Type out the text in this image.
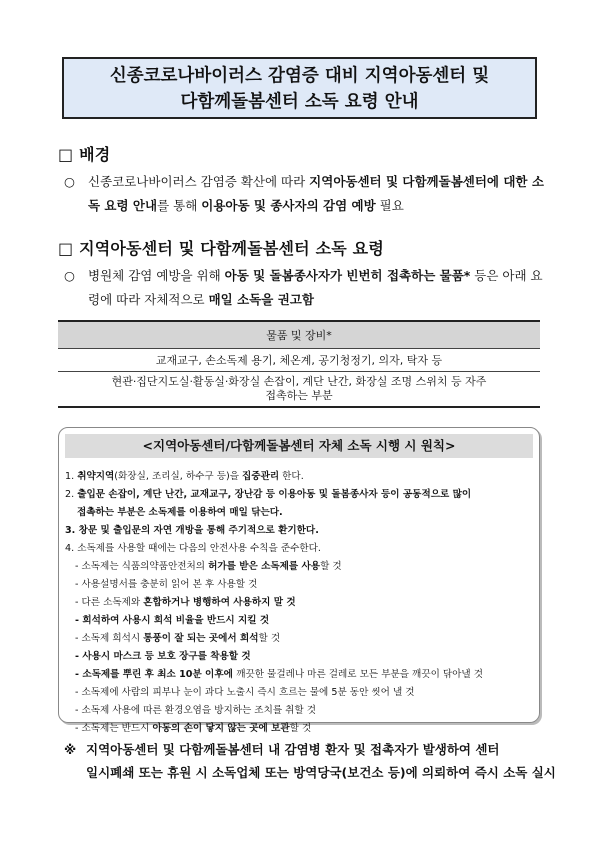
신종코로나바이러스 감염증 대비 지역아동센터 및
다함께돌봄센터 소독 요령 안내
□ 배경
○ 신종코로나바이러스 감염증 확산에 따라 지역아동센터 및 다함께돌봄센터에 대한 소독 요령 안내를 통해 이용아동 및 종사자의 감염 예방 필요
□ 지역아동센터 및 다함께돌봄센터 소독 요령
○ 병원체 감염 예방을 위해 아동 및 돌봄종사자가 빈번히 접촉하는 물품* 등은 아래 요령에 따라 자체적으로 매일 소독을 권고함
물품 및 장비*
교재교구, 손소독제 용기, 체온계, 공기청정기, 의자, 탁자 등

현관·집단지도실·활동실·화장실 손잡이, 계단 난간, 화장실 조명 스위치 등 자주
접촉하는 부분
<지역아동센터/다함께돌봄센터 자체 소독 시행 시 원칙>
1. 취약지역(화장실, 조리실, 하수구 등)을 집중관리 한다.
2. 출입문 손잡이, 계단 난간, 교재교구, 장난감 등 이용아동 및 돌봄종사자 등이 공동적으로 많이
접촉하는 부분은 소독제를 이용하여 매일 닦는다.
3. 창문 및 출입문의 자연 개방을 통해 주기적으로 환기한다.
4. 소독제를 사용할 때에는 다음의 안전사용 수칙을 준수한다.
- 소독제는 식품의약품안전처의 허가를 받은 소독제를 사용할 것
- 사용설명서를 충분히 읽어 본 후 사용할 것
- 다른 소독제와 혼합하거나 병행하여 사용하지 말 것
- 희석하여 사용시 희석 비율을 반드시 지킬 것
- 소독제 희석시 통풍이 잘 되는 곳에서 희석할 것
- 사용시 마스크 등 보호 장구를 착용할 것
- 소독제를 뿌린 후 최소 10분 이후에 깨끗한 물걸레나 마른 걸레로 모든 부분을 깨끗이 닦아낼 것
- 소독제에 사람의 피부나 눈이 과다 노출시 즉시 흐르는 물에 5분 동안 씻어 낼 것
- 소독제 사용에 따른 환경오염을 방지하는 조치를 취할 것
- 소독제는 반드시 아동의 손이 닿지 않는 곳에 보관할 것
※ 지역아동센터 및 다함께돌봄센터 내 감염병 환자 및 접촉자가 발생하여 센터
일시폐쇄 또는 휴원 시 소독업체 또는 방역당국(보건소 등)에 의뢰하여 즉시 소독 실시
